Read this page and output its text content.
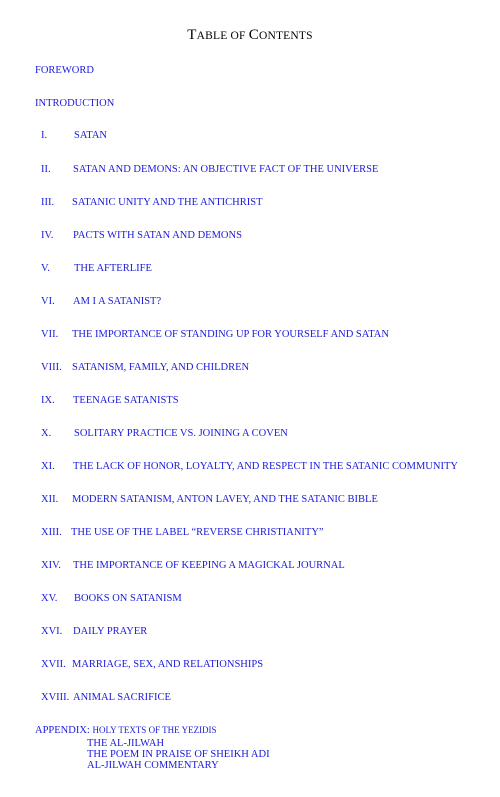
TABLE OF CONTENTS
FOREWORD
INTRODUCTION
I.	SATAN
II. SATAN AND DEMONS: AN OBJECTIVE FACT OF THE UNIVERSE
III. SATANIC UNITY AND THE ANTICHRIST
IV. PACTS WITH SATAN AND DEMONS
V. THE AFTERLIFE
VI. AM I A SATANIST?
VII. THE IMPORTANCE OF STANDING UP FOR YOURSELF AND SATAN
VIII. SATANISM, FAMILY, AND CHILDREN
IX. TEENAGE SATANISTS
X. SOLITARY PRACTICE VS. JOINING A COVEN
XI. THE LACK OF HONOR, LOYALTY, AND RESPECT IN THE SATANIC COMMUNITY
XII. MODERN SATANISM, ANTON LAVEY, AND THE SATANIC BIBLE
XIII. THE USE OF THE LABEL “REVERSE CHRISTIANITY”
XIV. THE IMPORTANCE OF KEEPING A MAGICKAL JOURNAL
XV. BOOKS ON SATANISM
XVI. DAILY PRAYER
XVII. MARRIAGE, SEX, AND RELATIONSHIPS
XVIII. ANIMAL SACRIFICE
APPENDIX: HOLY TEXTS OF THE YEZIDIS
THE AL-JILWAH
THE POEM IN PRAISE OF SHEIKH ADI
AL-JILWAH COMMENTARY
